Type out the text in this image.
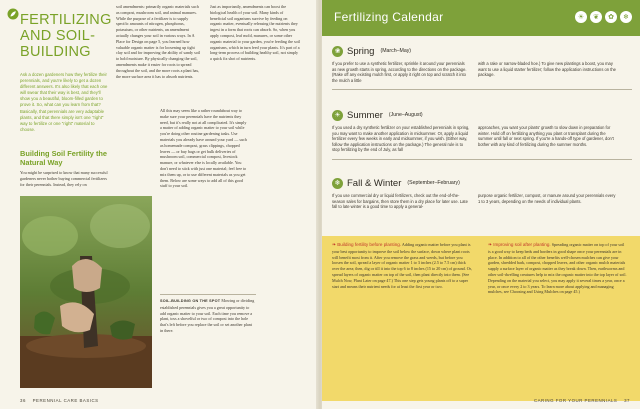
FERTILIZING AND SOIL-BUILDING

Ask a dozen gardeners how they fertilize their perennials, and you're likely to get a dozen different answers. It's also likely that each one will swear that their way is best, and they'll show you a beautiful, bloom-filled garden to prove it. So, what can you learn from that? Basically, that perennials are very adaptable plants, and that there simply isn't one "right" way to fertilize or one "right" material to choose.

Building Soil Fertility the Natural Way

You might be surprised to know that many successful gardeners never bother buying commercial fertilizers for their perennials. Instead, they rely on

soil amendments: primarily organic materials such as compost, mushroom soil, and animal manures. While the purpose of a fertilizer is to supply specific amounts of nitrogen, phosphorus, potassium, or other nutrients, an amendment actually changes your soil in various ways. In A Place for Design on page 5, you learned how valuable organic matter is for loosening up tight clay soil and for improving the ability of sandy soil to hold moisture. By physically changing the soil, amendments make it easier for roots to spread throughout the soil, and the more roots a plant has, the more surface area it has to absorb nutrients.

Just as importantly, amendments can boost the biological health of your soil. Many kinds of beneficial soil organisms survive by feeding on organic matter, eventually releasing the nutrients they ingest in a form that roots can absorb. So, when you apply compost, leaf mold, manures, or some other organic material to your garden, you're feeding the soil organisms, which in turn feed your plants. It's part of a long-term process of building healthy soil, not simply a quick fix shot of nutrients.

All this may seem like a rather roundabout way to make sure your perennials have the nutrients they need, but it's really not at all complicated. It's simply a matter of adding organic matter to your soil while you're doing other routine gardening tasks. Use materials you already have around your yard — such as homemade compost, grass clippings, chopped leaves — or buy bags or get bulk deliveries of mushroom soil, commercial compost, livestock manure, or whatever else is locally available. You don't need to stick with just one material; feel free to mix them up, or to use different materials as you get them. Below are some ways to add all of this good stuff to your soil.

SOIL-BUILDING ON THE SPOT Mowing or dividing established perennials gives you a great opportunity to add organic matter to your soil. Each time you remove a plant, toss a shovelful or two of compost into the hole that's left before you replace the soil or set another plant in there.
36 PERENNIAL CARE BASICS
Fertilizing Calendar	☀	❦	✿	❄
❀ Spring (March–May)

If you prefer to use a synthetic fertilizer, sprinkle it around your perennials as new growth starts in spring, according to the directions on the package. (Rake off any existing mulch first, or apply it right on top and scratch it into the mulch a little

with a rake or narrow-bladed hoe.) To give new plantings a boost, you may want to use a liquid starter fertilizer; follow the application instructions on the package.

☀ Summer (June–August)

If you used a dry synthetic fertilizer on your established perennials in spring, you may want to make another application in midsummer. Or, apply a liquid fertilizer every few weeks in early and midsummer, if you wish. (Either way, follow the application instructions on the package.) The general rule is to stop fertilizing by the end of July, as fall

approaches, you want your plants' growth to slow down in preparation for winter. Hold off on fertilizing anything you plant or transplant during the summer until fall or next spring. If you're a hands-off type of gardener, don't bother with any kind of fertilizing during the summer months.

❄ Fall & Winter (September–February)

If you use commercial dry or liquid fertilizers, check out the end-of-the-season sales for bargains, then store them in a dry place for later use. Late fall to late winter is a good time to apply a general-

purpose organic fertilizer, compost, or manure around your perennials every 1 to 3 years, depending on the needs of individual plants.

❧ Building fertility before planting. Adding organic matter before you plant is your best opportunity to improve the soil below the surface, down where plant roots will benefit most from it. After you remove the grass and weeds, but before you loosen the soil, spread a layer of organic matter 1 to 3 inches (2.5 to 7.5 cm) thick over the area; then, dig or till it into the top 6 to 8 inches (15 to 20 cm) of ground. Or, spread layers of organic matter on top of the soil, then plant directly into them. (See Mulch Now, Plant Later on page 47.) This one step gets young plants off to a super start and means their nutrient needs for at least the first year or two.

❧ Improving soil after planting. Spreading organic matter on top of your soil is a good way to keep beds and borders in good shape once your perennials are in place. In addition to all of the other benefits well-chosen mulches can give your garden, shredded bark, compost, chopped leaves, and other organic mulch materials supply a surface layer of organic matter as they break down. Then, earthworms and other soil-dwelling creatures help to mix the organic matter into the top layer of soil. Depending on the material you select, you may apply it several times a year, once a year, or once every 2 to 3 years. To learn more about applying and managing mulches, see Choosing and Using Mulches on page 45.)

CARING FOR YOUR PERENNIALS 37
